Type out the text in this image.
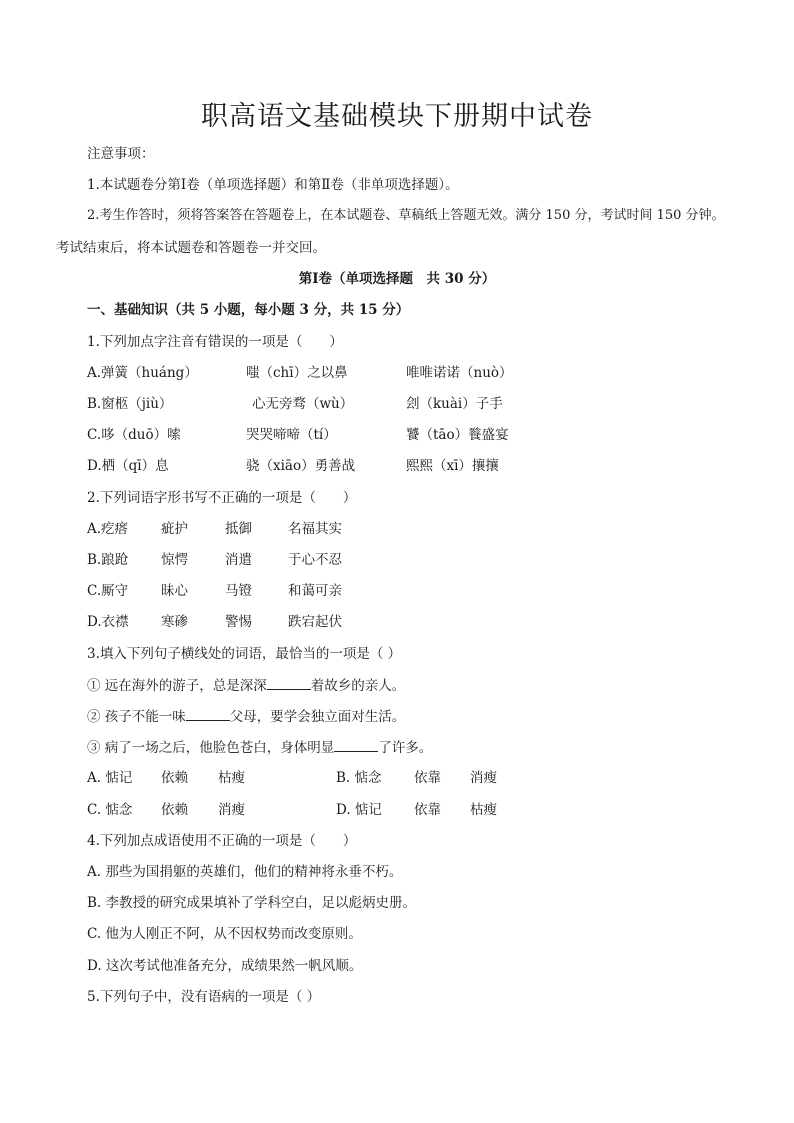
职高语文基础模块下册期中试卷
注意事项：
1.本试题卷分第Ⅰ卷（单项选择题）和第Ⅱ卷（非单项选择题）。
2.考生作答时，须将答案答在答题卷上，在本试题卷、草稿纸上答题无效。满分 150 分，考试时间 150 分钟。
考试结束后，将本试题卷和答题卷一并交回。
第Ⅰ卷（单项选择题　共 30 分）
一、基础知识（共 5 小题，每小题 3 分，共 15 分）
1.下列加点字注音有错误的一项是（　　）
A.弹簧（huáng）	嗤（chī）之以鼻	唯唯诺诺（nuò）
B.窗柩（jiù）	心无旁骛（wù）	刽（kuài）子手
C.哆（duō）嗦	哭哭啼啼（tí）	饕（tāo）餮盛宴
D.栖（qī）息	骁（xiāo）勇善战	熙熙（xī）攘攘
2.下列词语字形书写不正确的一项是（　　）
A.疙瘩 疵护	抵御	名福其实
B.踉跄 惊愕	消遣	于心不忍
C.厮守 昧心	马镫	和蔼可亲
D.衣襟 寒碜	警惕	跌宕起伏
3.填入下列句子横线处的词语，最恰当的一项是（ ）
① 远在海外的游子，总是深深	着故乡的亲人。
② 孩子不能一味	父母，要学会独立面对生活。
③ 病了一场之后，他脸色苍白，身体明显	了许多。
A. 惦记 依赖 枯瘦	B. 惦念 依靠 消瘦
C. 惦念 依赖 消瘦	D. 惦记 依靠 枯瘦
4.下列加点成语使用不正确的一项是（　　）
A. 那些为国捐躯的英雄们，他们的精神将永垂不朽。
B. 李教授的研究成果填补了学科空白，足以彪炳史册。
C. 他为人刚正不阿，从不因权势而改变原则。
D. 这次考试他准备充分，成绩果然一帆风顺。
5.下列句子中，没有语病的一项是（ ）
